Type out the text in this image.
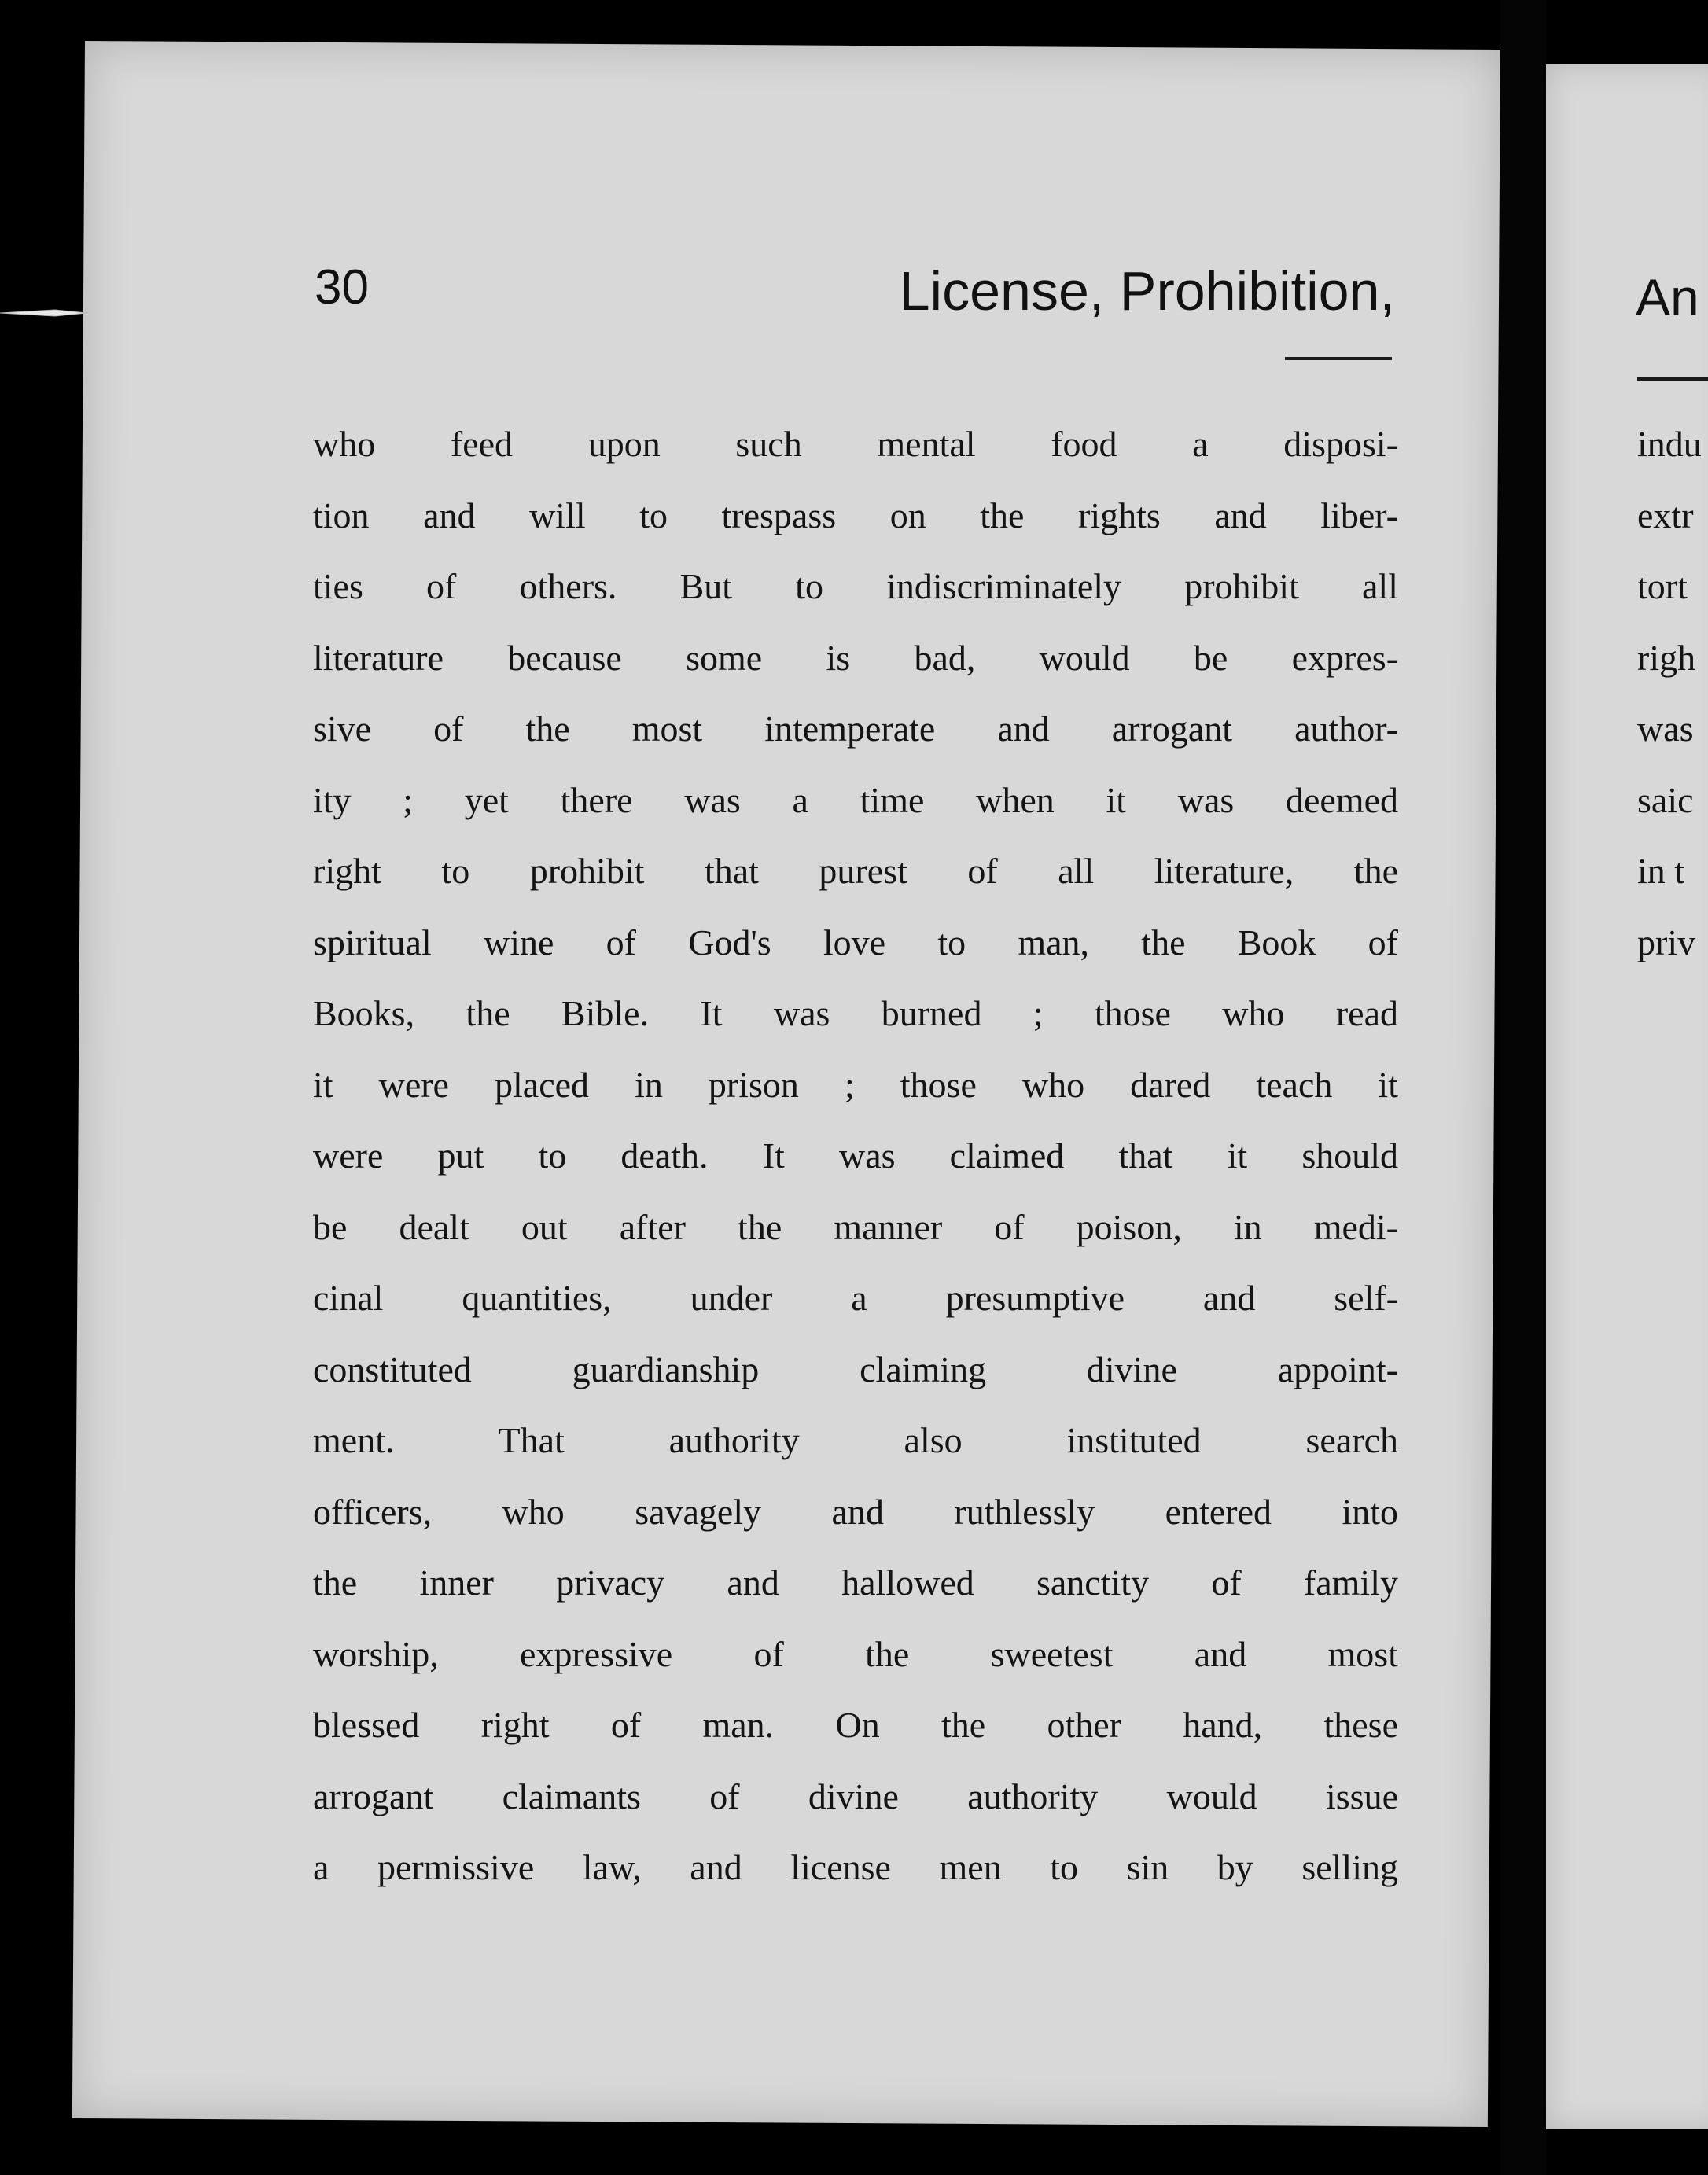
30	License, Prohibition,
who feed upon such mental food a disposi-
tion and will to trespass on the rights and liber-
ties of others. But to indiscriminately prohibit all
literature because some is bad, would be expres-
sive of the most intemperate and arrogant author-
ity ; yet there was a time when it was deemed
right to prohibit that purest of all literature, the
spiritual wine of God's love to man, the Book of
Books, the Bible. It was burned ; those who read
it were placed in prison ; those who dared teach it
were put to death. It was claimed that it should
be dealt out after the manner of poison, in medi-
cinal quantities, under a presumptive and self-
constituted guardianship claiming divine appoint-
ment. That authority also instituted search
officers, who savagely and ruthlessly entered into
the inner privacy and hallowed sanctity of family
worship, expressive of the sweetest and most
blessed right of man. On the other hand, these
arrogant claimants of divine authority would issue
a permissive law, and license men to sin by selling
An
indu
extr
tort
righ
was
saic
in t
priv
